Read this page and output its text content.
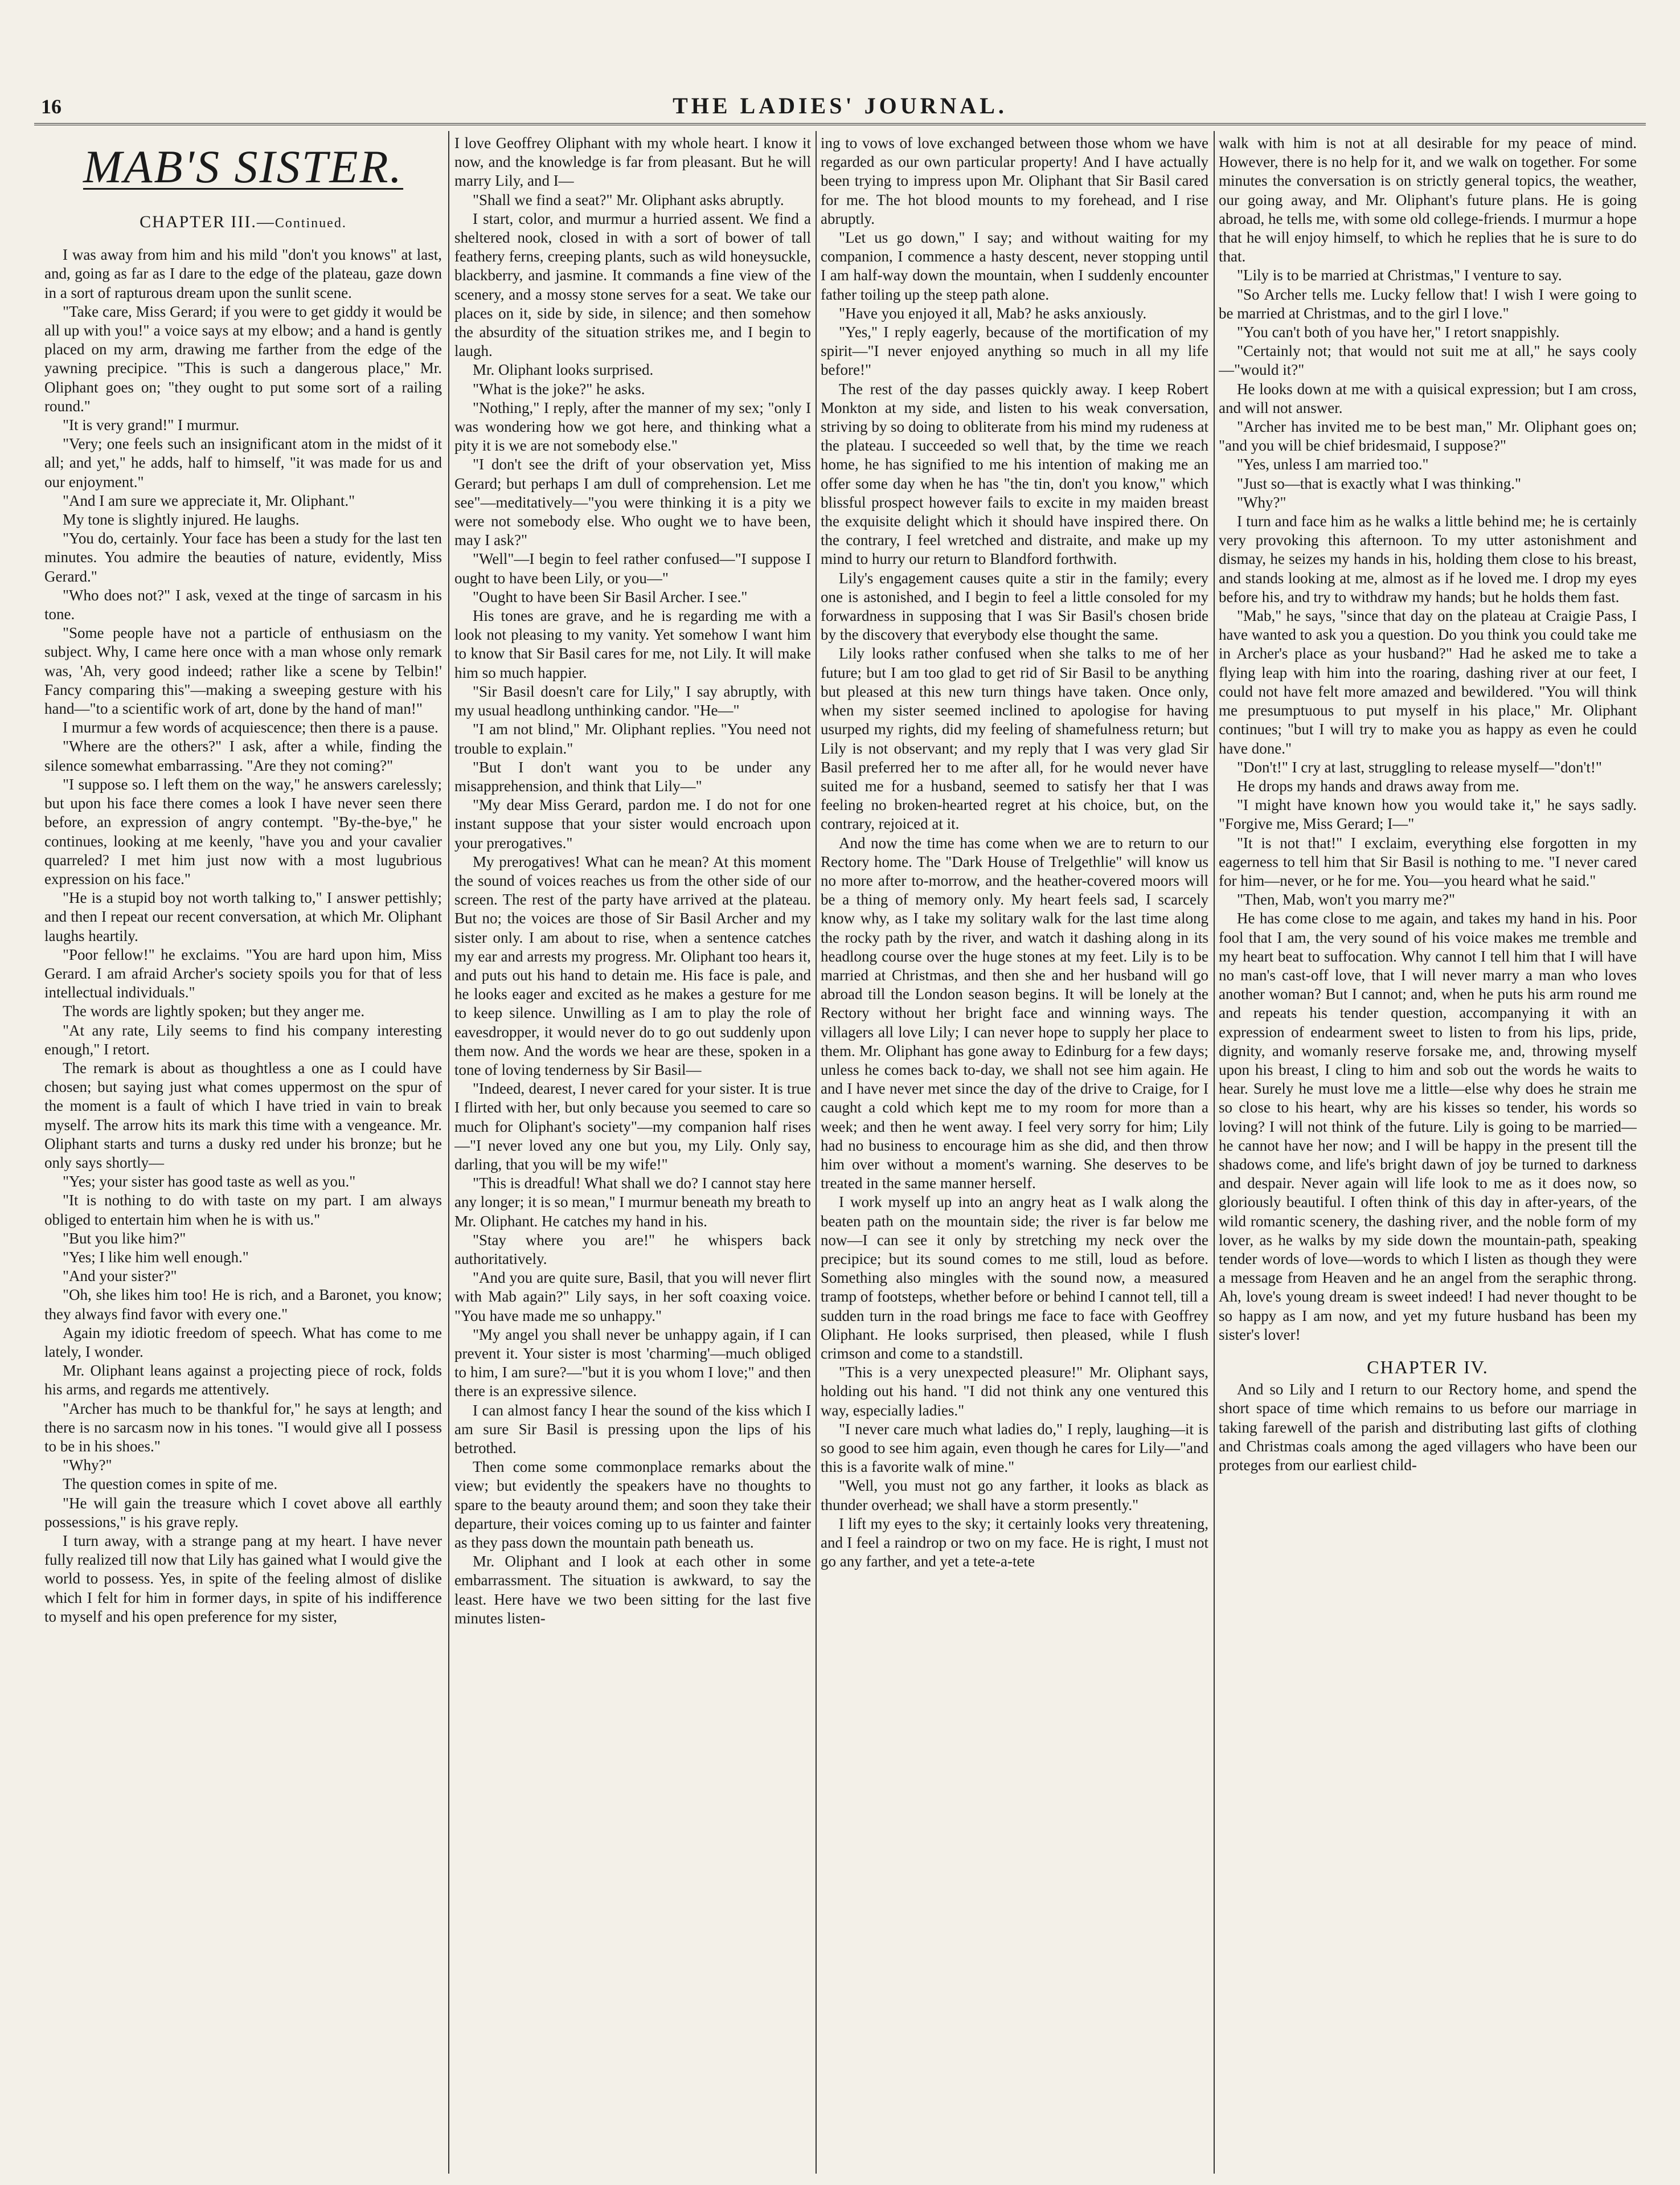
16	THE LADIES' JOURNAL.
MAB'S SISTER.
CHAPTER III.—Continued.

I was away from him and his mild "don't you knows" at last, and, going as far as I dare to the edge of the plateau, gaze down in a sort of rapturous dream upon the sunlit scene.

"Take care, Miss Gerard; if you were to get giddy it would be all up with you!" a voice says at my elbow; and a hand is gently placed on my arm, drawing me farther from the edge of the yawning precipice. "This is such a dangerous place," Mr. Oliphant goes on; "they ought to put some sort of a railing round."

"It is very grand!" I murmur.

"Very; one feels such an insignificant atom in the midst of it all; and yet," he adds, half to himself, "it was made for us and our enjoyment."

"And I am sure we appreciate it, Mr. Oliphant."

My tone is slightly injured. He laughs.

"You do, certainly. Your face has been a study for the last ten minutes. You admire the beauties of nature, evidently, Miss Gerard."

"Who does not?" I ask, vexed at the tinge of sarcasm in his tone.

"Some people have not a particle of enthusiasm on the subject. Why, I came here once with a man whose only remark was, 'Ah, very good indeed; rather like a scene by Telbin!' Fancy comparing this"—making a sweeping gesture with his hand—"to a scientific work of art, done by the hand of man!"

I murmur a few words of acquiescence; then there is a pause.

"Where are the others?" I ask, after a while, finding the silence somewhat embarrassing. "Are they not coming?"

"I suppose so. I left them on the way," he answers carelessly; but upon his face there comes a look I have never seen there before, an expression of angry contempt. "By-the-bye," he continues, looking at me keenly, "have you and your cavalier quarreled? I met him just now with a most lugubrious expression on his face."

"He is a stupid boy not worth talking to," I answer pettishly; and then I repeat our recent conversation, at which Mr. Oliphant laughs heartily.

"Poor fellow!" he exclaims. "You are hard upon him, Miss Gerard. I am afraid Archer's society spoils you for that of less intellectual individuals."

The words are lightly spoken; but they anger me.

"At any rate, Lily seems to find his company interesting enough," I retort.

The remark is about as thoughtless a one as I could have chosen; but saying just what comes uppermost on the spur of the moment is a fault of which I have tried in vain to break myself. The arrow hits its mark this time with a vengeance. Mr. Oliphant starts and turns a dusky red under his bronze; but he only says shortly—

"Yes; your sister has good taste as well as you."

"It is nothing to do with taste on my part. I am always obliged to entertain him when he is with us."

"But you like him?"

"Yes; I like him well enough."

"And your sister?"

"Oh, she likes him too! He is rich, and a Baronet, you know; they always find favor with every one."

Again my idiotic freedom of speech. What has come to me lately, I wonder.

Mr. Oliphant leans against a projecting piece of rock, folds his arms, and regards me attentively.

"Archer has much to be thankful for," he says at length; and there is no sarcasm now in his tones. "I would give all I possess to be in his shoes."

"Why?"

The question comes in spite of me.

"He will gain the treasure which I covet above all earthly possessions," is his grave reply.

I turn away, with a strange pang at my heart. I have never fully realized till now that Lily has gained what I would give the world to possess. Yes, in spite of the feeling almost of dislike which I felt for him in former days, in spite of his indifference to myself and his open preference for my sister,

I love Geoffrey Oliphant with my whole heart. I know it now, and the knowledge is far from pleasant. But he will marry Lily, and I—

"Shall we find a seat?" Mr. Oliphant asks abruptly.

I start, color, and murmur a hurried assent. We find a sheltered nook, closed in with a sort of bower of tall feathery ferns, creeping plants, such as wild honeysuckle, blackberry, and jasmine. It commands a fine view of the scenery, and a mossy stone serves for a seat. We take our places on it, side by side, in silence; and then somehow the absurdity of the situation strikes me, and I begin to laugh.

Mr. Oliphant looks surprised.

"What is the joke?" he asks.

"Nothing," I reply, after the manner of my sex; "only I was wondering how we got here, and thinking what a pity it is we are not somebody else."

"I don't see the drift of your observation yet, Miss Gerard; but perhaps I am dull of comprehension. Let me see"—meditatively—"you were thinking it is a pity we were not somebody else. Who ought we to have been, may I ask?"

"Well"—I begin to feel rather confused—"I suppose I ought to have been Lily, or you—"

"Ought to have been Sir Basil Archer. I see."

His tones are grave, and he is regarding me with a look not pleasing to my vanity. Yet somehow I want him to know that Sir Basil cares for me, not Lily. It will make him so much happier.

"Sir Basil doesn't care for Lily," I say abruptly, with my usual headlong unthinking candor. "He—"

"I am not blind," Mr. Oliphant replies. "You need not trouble to explain."

"But I don't want you to be under any misapprehension, and think that Lily—"

"My dear Miss Gerard, pardon me. I do not for one instant suppose that your sister would encroach upon your prerogatives."

My prerogatives! What can he mean? At this moment the sound of voices reaches us from the other side of our screen. The rest of the party have arrived at the plateau. But no; the voices are those of Sir Basil Archer and my sister only. I am about to rise, when a sentence catches my ear and arrests my progress. Mr. Oliphant too hears it, and puts out his hand to detain me. His face is pale, and he looks eager and excited as he makes a gesture for me to keep silence. Unwilling as I am to play the role of eavesdropper, it would never do to go out suddenly upon them now. And the words we hear are these, spoken in a tone of loving tenderness by Sir Basil—

"Indeed, dearest, I never cared for your sister. It is true I flirted with her, but only because you seemed to care so much for Oliphant's society"—my companion half rises—"I never loved any one but you, my Lily. Only say, darling, that you will be my wife!"

"This is dreadful! What shall we do? I cannot stay here any longer; it is so mean," I murmur beneath my breath to Mr. Oliphant. He catches my hand in his.

"Stay where you are!" he whispers back authoritatively.

"And you are quite sure, Basil, that you will never flirt with Mab again?" Lily says, in her soft coaxing voice. "You have made me so unhappy."

"My angel you shall never be unhappy again, if I can prevent it. Your sister is most 'charming'—much obliged to him, I am sure?—"but it is you whom I love;" and then there is an expressive silence.

I can almost fancy I hear the sound of the kiss which I am sure Sir Basil is pressing upon the lips of his betrothed.

Then come some commonplace remarks about the view; but evidently the speakers have no thoughts to spare to the beauty around them; and soon they take their departure, their voices coming up to us fainter and fainter as they pass down the mountain path beneath us.

Mr. Oliphant and I look at each other in some embarrassment. The situation is awkward, to say the least. Here have we two been sitting for the last five minutes listen-

ing to vows of love exchanged between those whom we have regarded as our own particular property! And I have actually been trying to impress upon Mr. Oliphant that Sir Basil cared for me. The hot blood mounts to my forehead, and I rise abruptly.

"Let us go down," I say; and without waiting for my companion, I commence a hasty descent, never stopping until I am half-way down the mountain, when I suddenly encounter father toiling up the steep path alone.

"Have you enjoyed it all, Mab? he asks anxiously.

"Yes," I reply eagerly, because of the mortification of my spirit—"I never enjoyed anything so much in all my life before!"

The rest of the day passes quickly away. I keep Robert Monkton at my side, and listen to his weak conversation, striving by so doing to obliterate from his mind my rudeness at the plateau. I succeeded so well that, by the time we reach home, he has signified to me his intention of making me an offer some day when he has "the tin, don't you know," which blissful prospect however fails to excite in my maiden breast the exquisite delight which it should have inspired there. On the contrary, I feel wretched and distraite, and make up my mind to hurry our return to Blandford forthwith.

Lily's engagement causes quite a stir in the family; every one is astonished, and I begin to feel a little consoled for my forwardness in supposing that I was Sir Basil's chosen bride by the discovery that everybody else thought the same.

Lily looks rather confused when she talks to me of her future; but I am too glad to get rid of Sir Basil to be anything but pleased at this new turn things have taken. Once only, when my sister seemed inclined to apologise for having usurped my rights, did my feeling of shamefulness return; but Lily is not observant; and my reply that I was very glad Sir Basil preferred her to me after all, for he would never have suited me for a husband, seemed to satisfy her that I was feeling no broken-hearted regret at his choice, but, on the contrary, rejoiced at it.

And now the time has come when we are to return to our Rectory home. The "Dark House of Trelgethlie" will know us no more after to-morrow, and the heather-covered moors will be a thing of memory only. My heart feels sad, I scarcely know why, as I take my solitary walk for the last time along the rocky path by the river, and watch it dashing along in its headlong course over the huge stones at my feet. Lily is to be married at Christmas, and then she and her husband will go abroad till the London season begins. It will be lonely at the Rectory without her bright face and winning ways. The villagers all love Lily; I can never hope to supply her place to them. Mr. Oliphant has gone away to Edinburg for a few days; unless he comes back to-day, we shall not see him again. He and I have never met since the day of the drive to Craige, for I caught a cold which kept me to my room for more than a week; and then he went away. I feel very sorry for him; Lily had no business to encourage him as she did, and then throw him over without a moment's warning. She deserves to be treated in the same manner herself.

I work myself up into an angry heat as I walk along the beaten path on the mountain side; the river is far below me now—I can see it only by stretching my neck over the precipice; but its sound comes to me still, loud as before. Something also mingles with the sound now, a measured tramp of footsteps, whether before or behind I cannot tell, till a sudden turn in the road brings me face to face with Geoffrey Oliphant. He looks surprised, then pleased, while I flush crimson and come to a standstill.

"This is a very unexpected pleasure!" Mr. Oliphant says, holding out his hand. "I did not think any one ventured this way, especially ladies."

"I never care much what ladies do," I reply, laughing—it is so good to see him again, even though he cares for Lily—"and this is a favorite walk of mine."

"Well, you must not go any farther, it looks as black as thunder overhead; we shall have a storm presently."

I lift my eyes to the sky; it certainly looks very threatening, and I feel a raindrop or two on my face. He is right, I must not go any farther, and yet a tete-a-tete

walk with him is not at all desirable for my peace of mind. However, there is no help for it, and we walk on together. For some minutes the conversation is on strictly general topics, the weather, our going away, and Mr. Oliphant's future plans. He is going abroad, he tells me, with some old college-friends. I murmur a hope that he will enjoy himself, to which he replies that he is sure to do that.

"Lily is to be married at Christmas," I venture to say.

"So Archer tells me. Lucky fellow that! I wish I were going to be married at Christmas, and to the girl I love."

"You can't both of you have her," I retort snappishly.

"Certainly not; that would not suit me at all," he says cooly—"would it?"

He looks down at me with a quisical expression; but I am cross, and will not answer.

"Archer has invited me to be best man," Mr. Oliphant goes on; "and you will be chief bridesmaid, I suppose?"

"Yes, unless I am married too."

"Just so—that is exactly what I was thinking."

"Why?"

I turn and face him as he walks a little behind me; he is certainly very provoking this afternoon. To my utter astonishment and dismay, he seizes my hands in his, holding them close to his breast, and stands looking at me, almost as if he loved me. I drop my eyes before his, and try to withdraw my hands; but he holds them fast.

"Mab," he says, "since that day on the plateau at Craigie Pass, I have wanted to ask you a question. Do you think you could take me in Archer's place as your husband?" Had he asked me to take a flying leap with him into the roaring, dashing river at our feet, I could not have felt more amazed and bewildered. "You will think me presumptuous to put myself in his place," Mr. Oliphant continues; "but I will try to make you as happy as even he could have done."

"Don't!" I cry at last, struggling to release myself—"don't!"

He drops my hands and draws away from me.

"I might have known how you would take it," he says sadly. "Forgive me, Miss Gerard; I—"

"It is not that!" I exclaim, everything else forgotten in my eagerness to tell him that Sir Basil is nothing to me. "I never cared for him—never, or he for me. You—you heard what he said."

"Then, Mab, won't you marry me?"

He has come close to me again, and takes my hand in his. Poor fool that I am, the very sound of his voice makes me tremble and my heart beat to suffocation. Why cannot I tell him that I will have no man's cast-off love, that I will never marry a man who loves another woman? But I cannot; and, when he puts his arm round me and repeats his tender question, accompanying it with an expression of endearment sweet to listen to from his lips, pride, dignity, and womanly reserve forsake me, and, throwing myself upon his breast, I cling to him and sob out the words he waits to hear. Surely he must love me a little—else why does he strain me so close to his heart, why are his kisses so tender, his words so loving? I will not think of the future. Lily is going to be married—he cannot have her now; and I will be happy in the present till the shadows come, and life's bright dawn of joy be turned to darkness and despair. Never again will life look to me as it does now, so gloriously beautiful. I often think of this day in after-years, of the wild romantic scenery, the dashing river, and the noble form of my lover, as he walks by my side down the mountain-path, speaking tender words of love—words to which I listen as though they were a message from Heaven and he an angel from the seraphic throng. Ah, love's young dream is sweet indeed! I had never thought to be so happy as I am now, and yet my future husband has been my sister's lover!

CHAPTER IV.

And so Lily and I return to our Rectory home, and spend the short space of time which remains to us before our marriage in taking farewell of the parish and distributing last gifts of clothing and Christmas coals among the aged villagers who have been our proteges from our earliest child-
